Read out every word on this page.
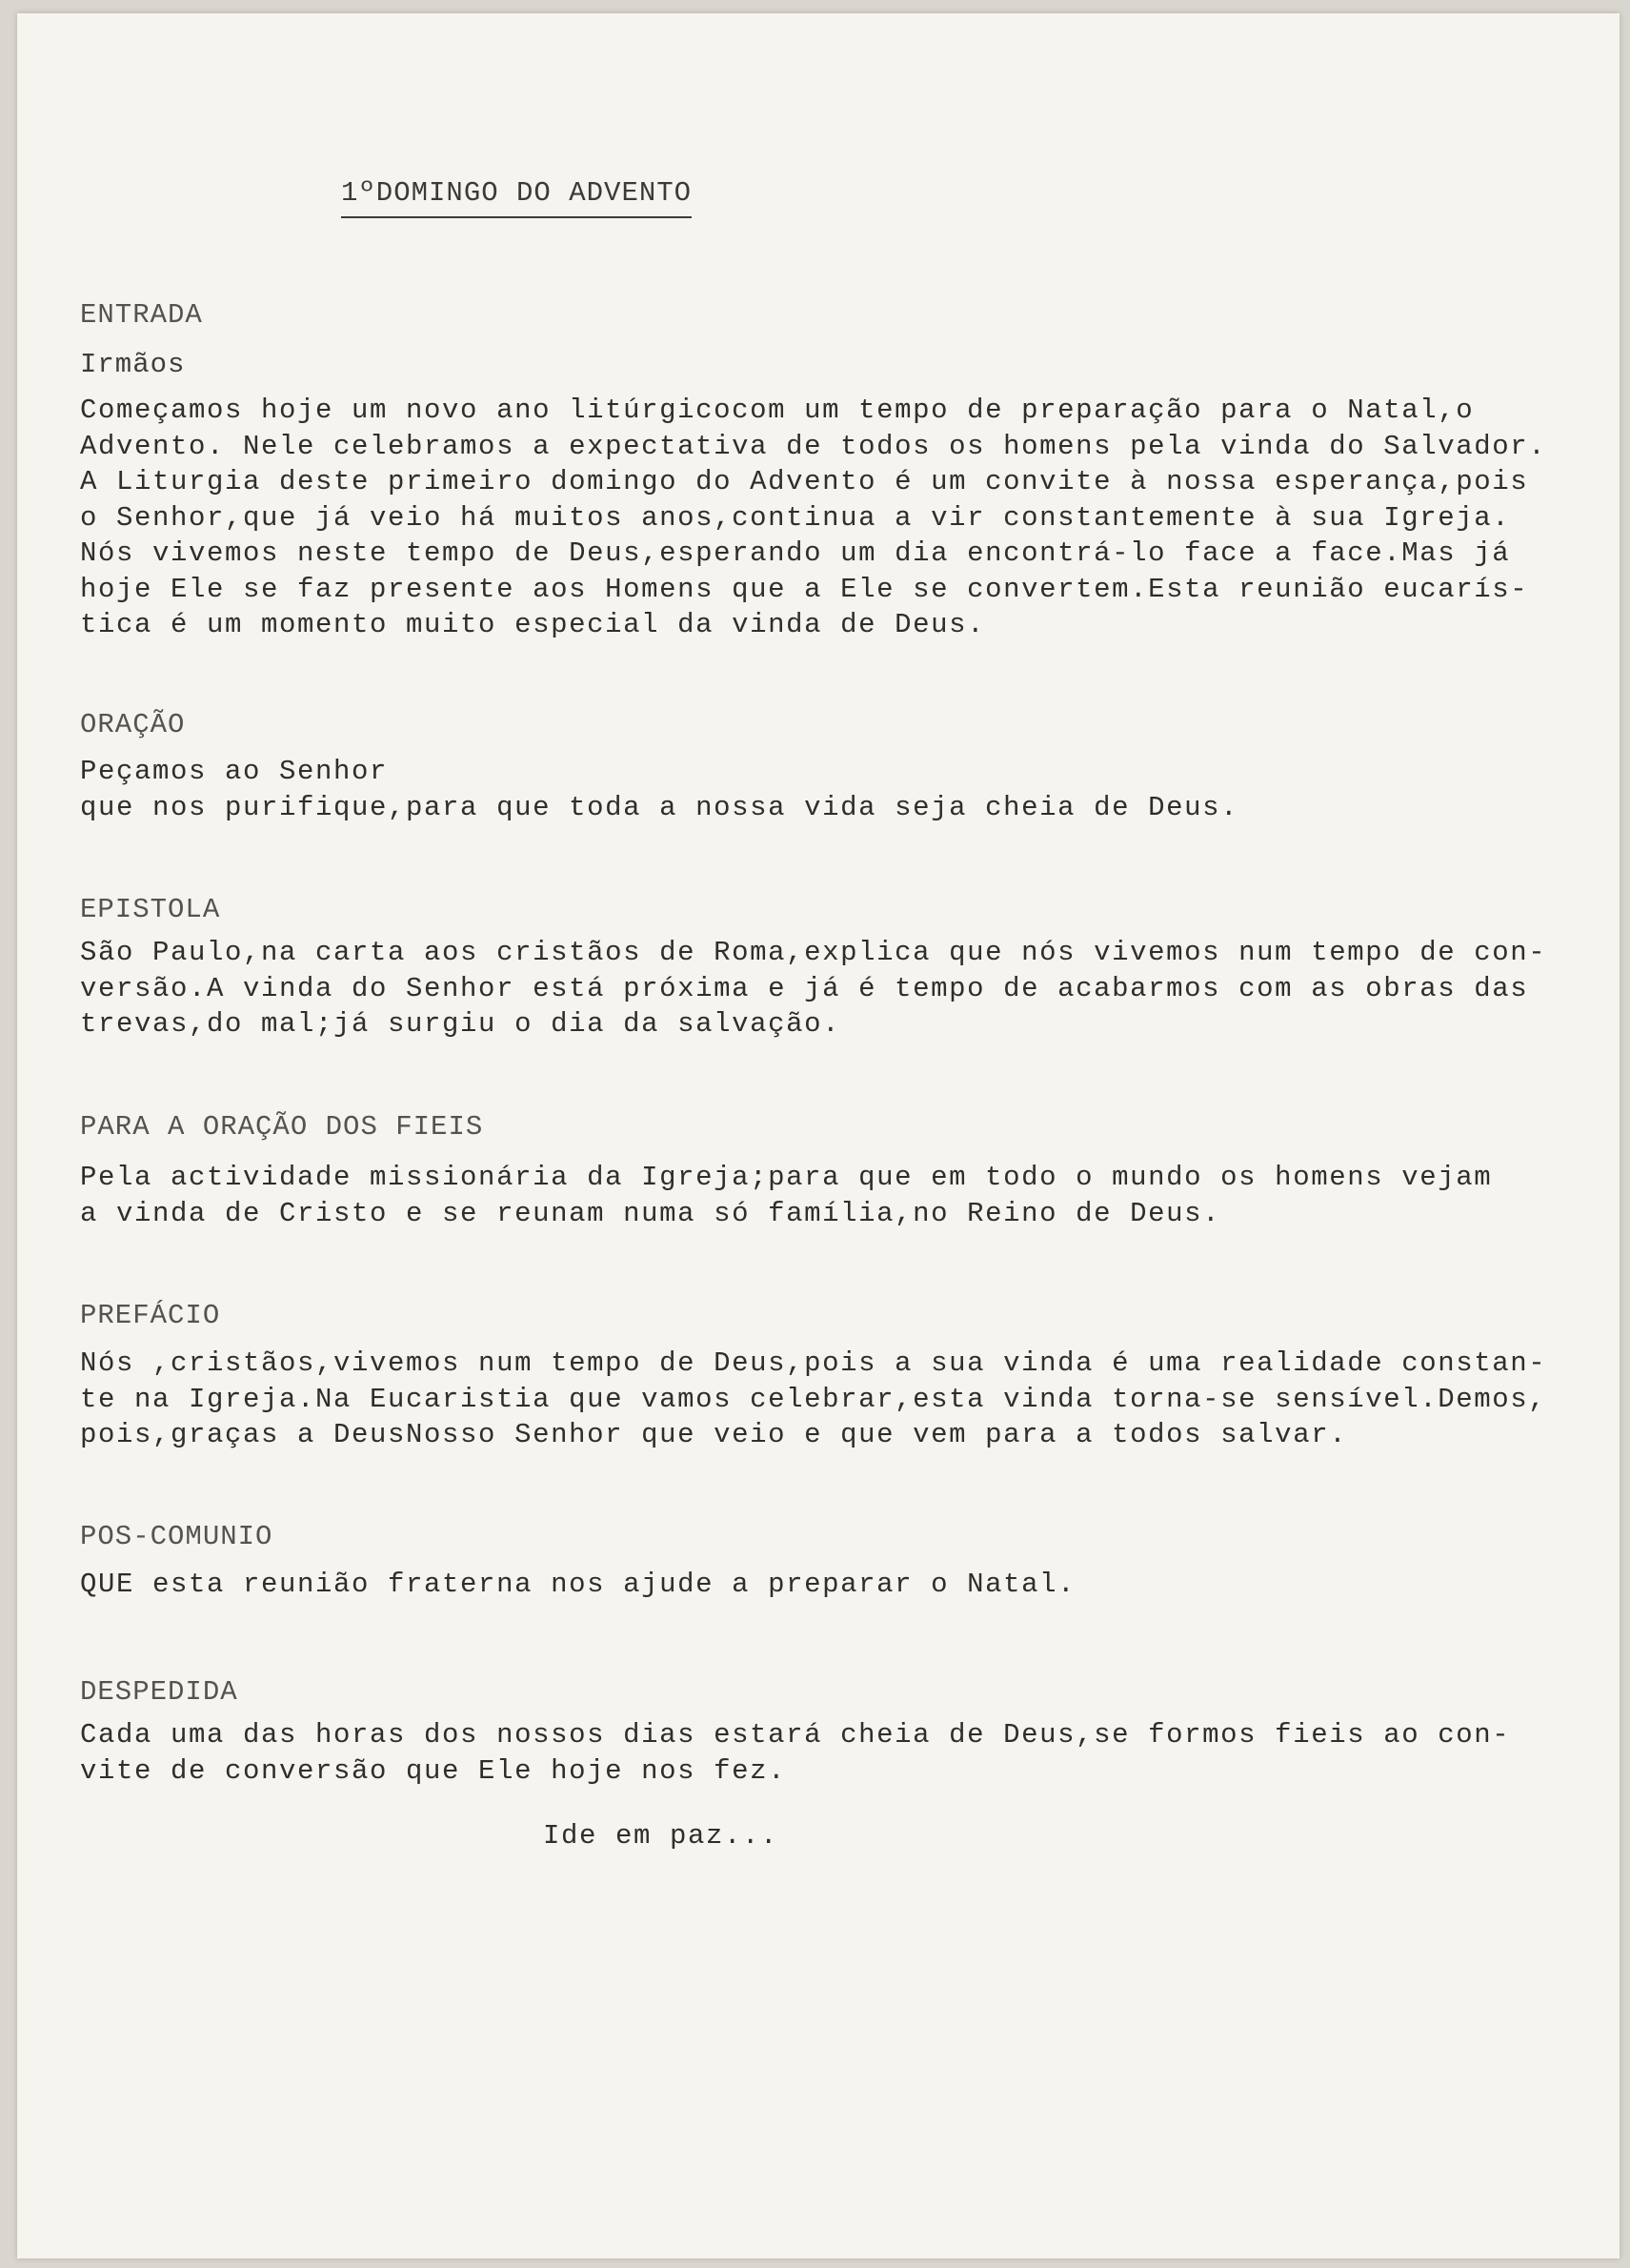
1ºDOMINGO DO ADVENTO
ENTRADA
Irmãos
Começamos hoje um novo ano litúrgicocom um tempo de preparação para o Natal,o
Advento. Nele celebramos a expectativa de todos os homens pela vinda do Salvador.
A Liturgia deste primeiro domingo do Advento é um convite à nossa esperança,pois
o Senhor,que já veio há muitos anos,continua a vir constantemente à sua Igreja.
Nós vivemos neste tempo de Deus,esperando um dia encontrá-lo face a face.Mas já
hoje Ele se faz presente aos Homens que a Ele se convertem.Esta reunião eucarís-
tica é um momento muito especial da vinda de Deus.
ORAÇÃO
Peçamos ao Senhor
que nos purifique,para que toda a nossa vida seja cheia de Deus.
EPISTOLA
São Paulo,na carta aos cristãos de Roma,explica que nós vivemos num tempo de con-
versão.A vinda do Senhor está próxima e já é tempo de acabarmos com as obras das
trevas,do mal;já surgiu o dia da salvação.
PARA A ORAÇÃO DOS FIEIS
Pela actividade missionária da Igreja;para que em todo o mundo os homens vejam
a vinda de Cristo e se reunam numa só família,no Reino de Deus.
PREFÁCIO
Nós ,cristãos,vivemos num tempo de Deus,pois a sua vinda é uma realidade constan-
te na Igreja.Na Eucaristia que vamos celebrar,esta vinda torna-se sensível.Demos,
pois,graças a DeusNosso Senhor que veio e que vem para a todos salvar.
POS-COMUNIO
QUE esta reunião fraterna nos ajude a preparar o Natal.
DESPEDIDA
Cada uma das horas dos nossos dias estará cheia de Deus,se formos fieis ao con-
vite de conversão que Ele hoje nos fez.
Ide em paz...
